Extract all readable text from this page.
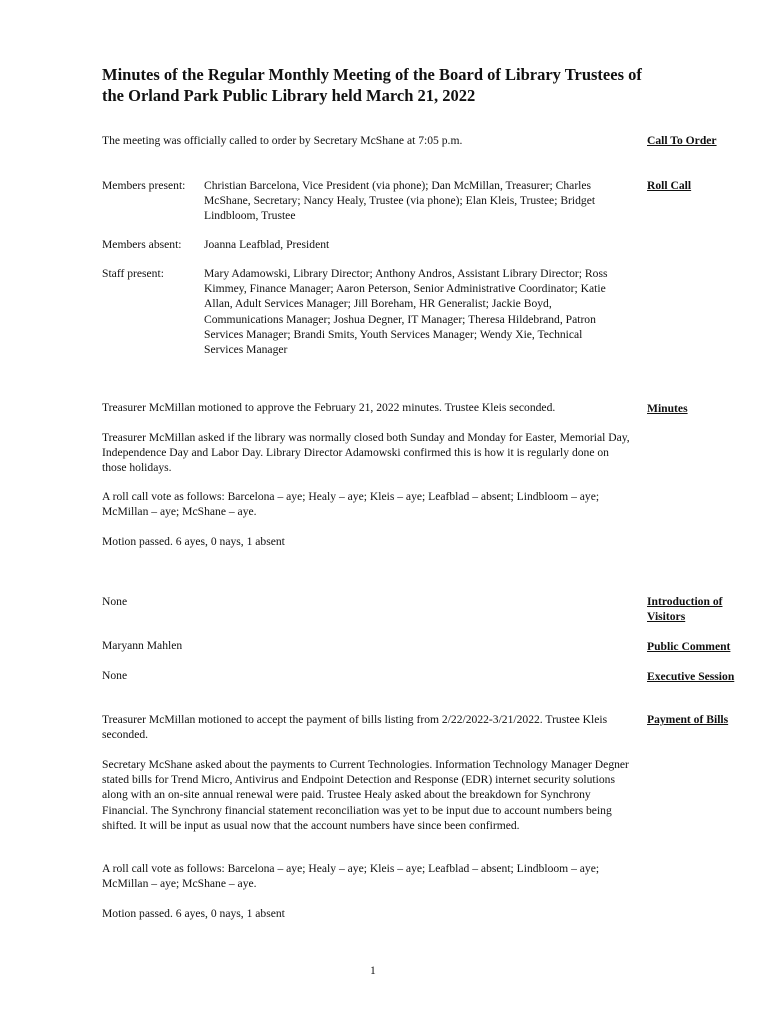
Minutes of the Regular Monthly Meeting of the Board of Library Trustees of the Orland Park Public Library held March 21, 2022
The meeting was officially called to order by Secretary McShane at 7:05 p.m.	Call To Order
Members present:	Christian Barcelona, Vice President (via phone); Dan McMillan, Treasurer; Charles McShane, Secretary; Nancy Healy, Trustee (via phone); Elan Kleis, Trustee; Bridget Lindbloom, Trustee
Roll Call
Members absent:	Joanna Leafblad, President
Staff present:	Mary Adamowski, Library Director; Anthony Andros, Assistant Library Director; Ross Kimmey, Finance Manager; Aaron Peterson, Senior Administrative Coordinator; Katie Allan, Adult Services Manager; Jill Boreham, HR Generalist; Jackie Boyd, Communications Manager; Joshua Degner, IT Manager; Theresa Hildebrand, Patron Services Manager; Brandi Smits, Youth Services Manager; Wendy Xie, Technical Services Manager
Treasurer McMillan motioned to approve the February 21, 2022 minutes. Trustee Kleis seconded.	Minutes
Treasurer McMillan asked if the library was normally closed both Sunday and Monday for Easter, Memorial Day, Independence Day and Labor Day. Library Director Adamowski confirmed this is how it is regularly done on those holidays.
A roll call vote as follows: Barcelona – aye; Healy – aye; Kleis – aye; Leafblad – absent; Lindbloom – aye; McMillan – aye; McShane – aye.
Motion passed. 6 ayes, 0 nays, 1 absent
None	Introduction of Visitors
Maryann Mahlen	Public Comment
None	Executive Session
Treasurer McMillan motioned to accept the payment of bills listing from 2/22/2022-3/21/2022. Trustee Kleis seconded.
Payment of Bills
Secretary McShane asked about the payments to Current Technologies. Information Technology Manager Degner stated bills for Trend Micro, Antivirus and Endpoint Detection and Response (EDR) internet security solutions along with an on-site annual renewal were paid. Trustee Healy asked about the breakdown for Synchrony Financial. The Synchrony financial statement reconciliation was yet to be input due to account numbers being shifted. It will be input as usual now that the account numbers have since been confirmed.
A roll call vote as follows: Barcelona – aye; Healy – aye; Kleis – aye; Leafblad – absent; Lindbloom – aye; McMillan – aye; McShane – aye.
Motion passed. 6 ayes, 0 nays, 1 absent
1
